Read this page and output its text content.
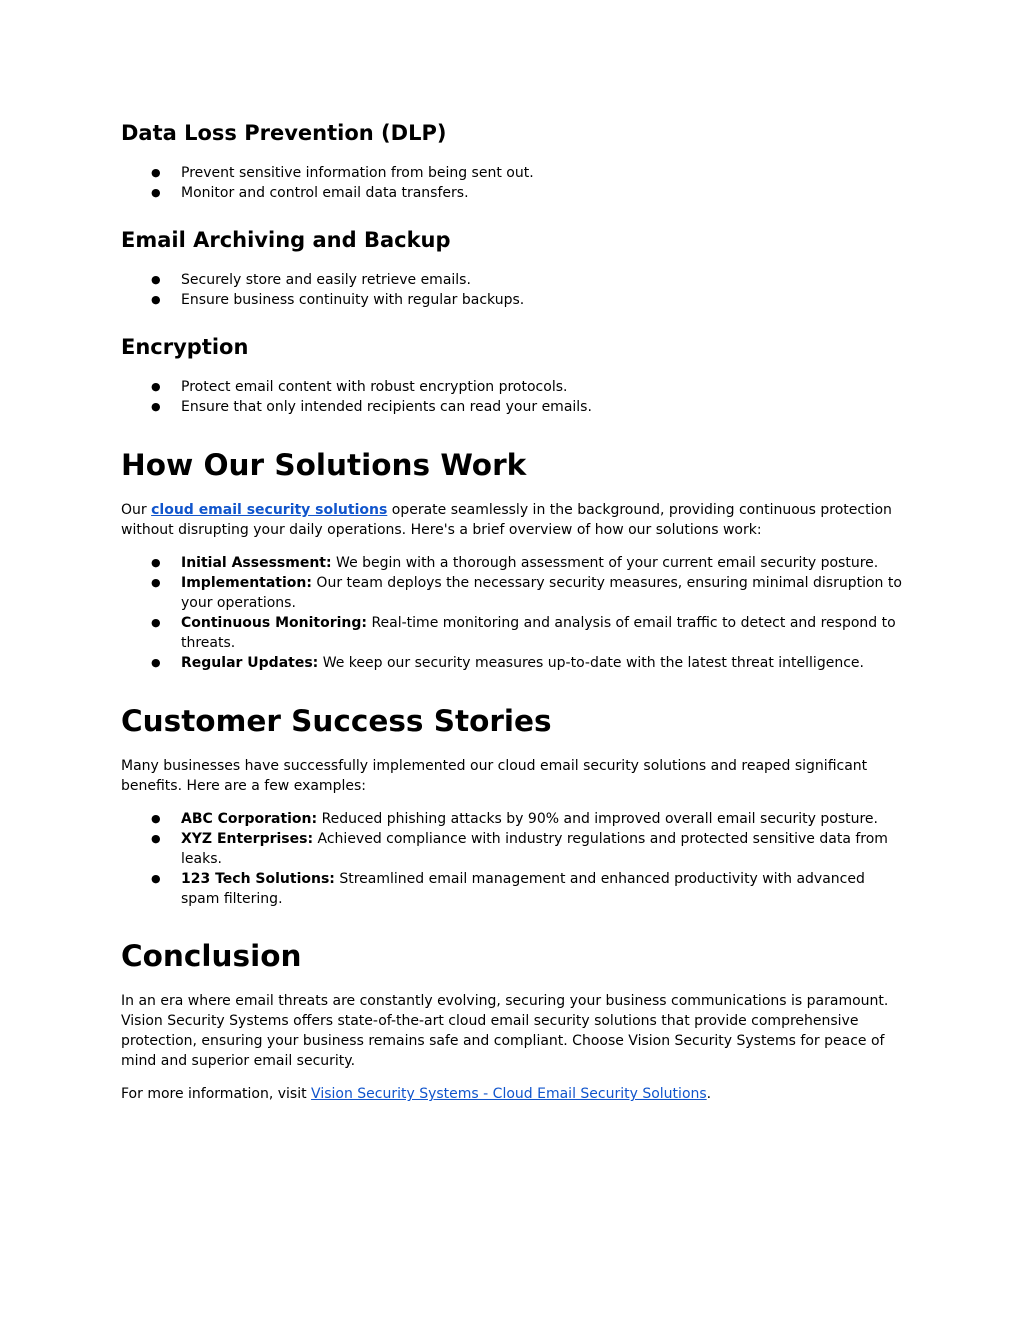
Data Loss Prevention (DLP)
● Prevent sensitive information from being sent out.
● Monitor and control email data transfers.
Email Archiving and Backup
● Securely store and easily retrieve emails.
● Ensure business continuity with regular backups.
Encryption
● Protect email content with robust encryption protocols.
● Ensure that only intended recipients can read your emails.
How Our Solutions Work

Our cloud email security solutions operate seamlessly in the background, providing continuous protection without disrupting your daily operations. Here's a brief overview of how our solutions work:

● Initial Assessment: We begin with a thorough assessment of your current email security posture.
● Implementation: Our team deploys the necessary security measures, ensuring minimal disruption to your operations.
● Continuous Monitoring: Real-time monitoring and analysis of email traffic to detect and respond to threats.
● Regular Updates: We keep our security measures up-to-date with the latest threat intelligence.
Customer Success Stories

Many businesses have successfully implemented our cloud email security solutions and reaped significant benefits. Here are a few examples:

● ABC Corporation: Reduced phishing attacks by 90% and improved overall email security posture.
● XYZ Enterprises: Achieved compliance with industry regulations and protected sensitive data from leaks.
● 123 Tech Solutions: Streamlined email management and enhanced productivity with advanced spam filtering.
Conclusion

In an era where email threats are constantly evolving, securing your business communications is paramount. Vision Security Systems offers state-of-the-art cloud email security solutions that provide comprehensive protection, ensuring your business remains safe and compliant. Choose Vision Security Systems for peace of mind and superior email security.

For more information, visit Vision Security Systems - Cloud Email Security Solutions.
